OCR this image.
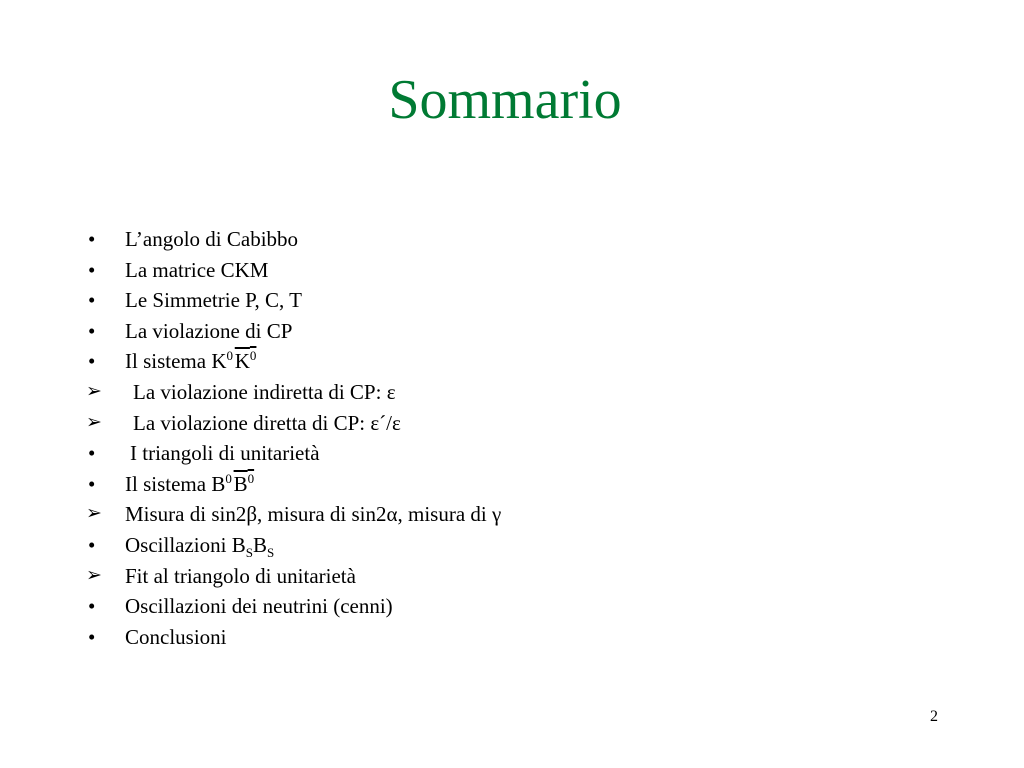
Sommario
•	L’angolo di Cabibbo
•	La matrice CKM
•	Le Simmetrie P, C, T
•	La violazione di CP
•	Il sistema $K^0$ $K^0$
➢	La violazione indiretta di CP: ε
➢	La violazione diretta di CP: ε´/ε
•	I triangoli di unitarietà
•	Il sistema $B^0$ $B^0$
➢	Misura di sin2β, misura di sin2α, misura di γ
•	Oscillazioni $B_SB_S$
➢	Fit al triangolo di unitarietà
•	Oscillazioni dei neutrini (cenni)
•	Conclusioni
2
